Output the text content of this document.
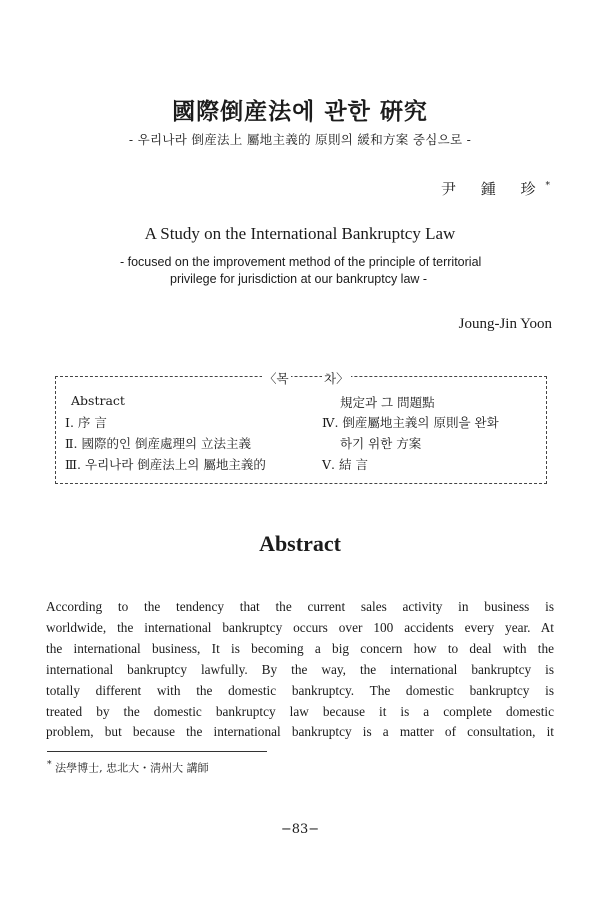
國際倒産法에 관한 硏究
- 우리나라 倒産法上 屬地主義的 原則의 緩和方案 중심으로 -
尹 鍾 珍*
A Study on the International Bankruptcy Law
- focused on the improvement method of the principle of territorial
privilege for jurisdiction at our bankruptcy law -
Joung-Jin Yoon
〈목	차〉
Abstract
Ⅰ. 序 言
Ⅱ. 國際的인 倒産處理의 立法主義
Ⅲ. 우리나라 倒産法上의 屬地主義的
規定과 그 問題點
Ⅳ. 倒産屬地主義의 原則을 완화
하기 위한 方案
Ⅴ. 結 言
Abstract
According to the tendency that the current sales activity in business is
worldwide, the international bankruptcy occurs over 100 accidents every year. At
the international business, It is becoming a big concern how to deal with the
international bankruptcy lawfully. By the way, the international bankruptcy is
totally different with the domestic bankruptcy. The domestic bankruptcy is
treated by the domestic bankruptcy law because it is a complete domestic
problem, but because the international bankruptcy is a matter of consultation, it
* 法學博士, 忠北大・淸州大 講師
−83−
